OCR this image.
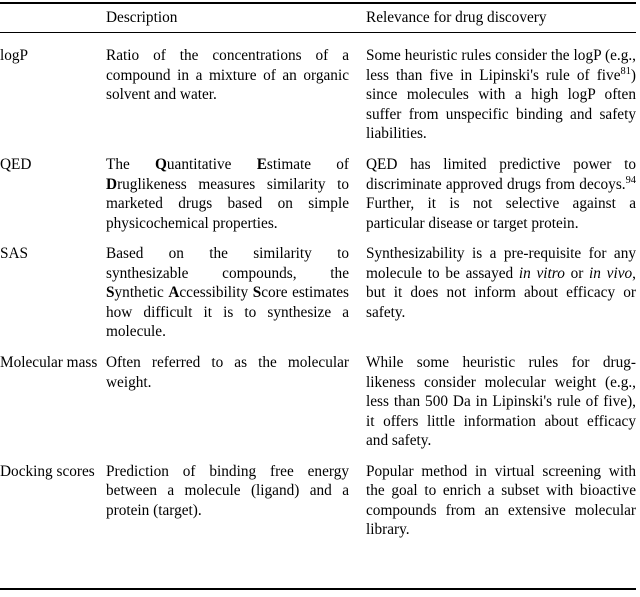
	Description	Relevance for drug discovery
logP	Ratio of the concentrations of a compound in a mixture of an organic solvent and water.	Some heuristic rules consider the logP (e.g., less than five in Lipinski's rule of five$^{81}$) since molecules with a high logP often suffer from unspecific binding and safety liabilities.

QED	The Quantitative Estimate of Druglikeness measures similarity to marketed drugs based on simple physicochemical properties.	QED has limited predictive power to discriminate approved drugs from decoys.$^{94}$ Further, it is not selective against a particular disease or target protein.

SAS	Based on the similarity to synthesizable compounds, the Synthetic Accessibility Score estimates how difficult it is to synthesize a molecule.	Synthesizability is a pre-requisite for any molecule to be assayed in vitro or in vivo, but it does not inform about efficacy or safety.

Molecular mass	Often referred to as the molecular weight.	While some heuristic rules for drug-likeness consider molecular weight (e.g., less than 500 Da in Lipinski's rule of five), it offers little information about efficacy and safety.

Docking scores	Prediction of binding free energy between a molecule (ligand) and a protein (target).	Popular method in virtual screening with the goal to enrich a subset with bioactive compounds from an extensive molecular library.
